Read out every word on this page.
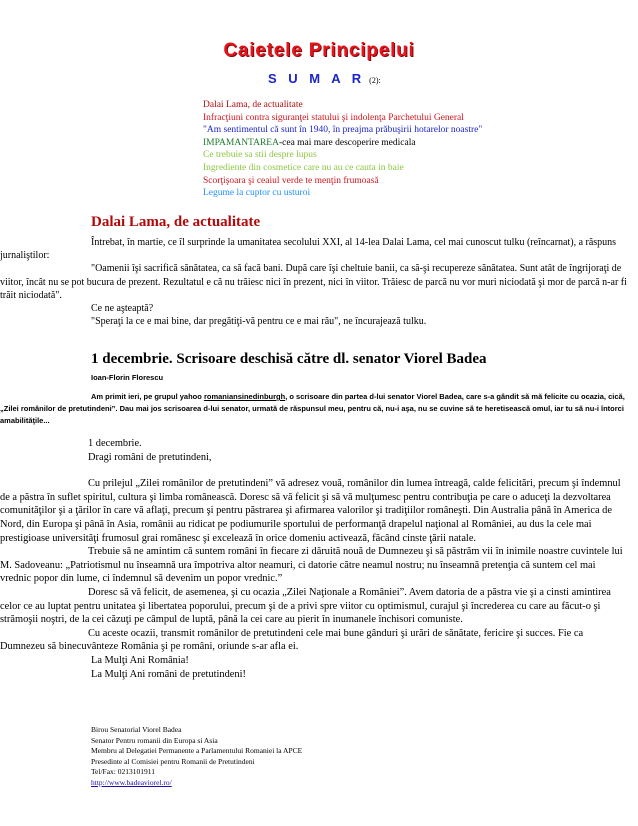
Caietele Principelui
S U M A R (2):
Dalai Lama, de actualitate
Infracţiuni contra siguranţei statului şi indolenţa Parchetului General
"Am sentimentul că sunt în 1940, în preajma prăbuşirii hotarelor noastre"
IMPAMANTAREA-cea mai mare descoperire medicala
Ce trebuie sa stii despre lupus
Ingrediente din cosmetice care nu au ce cauta in baie
Scorţişoara şi ceaiul verde te menţin frumoasă
Legume la cuptor cu usturoi
Dalai Lama, de actualitate

Întrebat, în martie, ce îl surprinde la umanitatea secolului XXI, al 14-lea Dalai Lama, cel mai cunoscut tulku (reîncarnat), a răspuns jurnaliştilor:

"Oamenii îşi sacrifică sănătatea, ca să facă bani. După care îşi cheltuie banii, ca să-şi recupereze sănătatea. Sunt atât de îngrijoraţi de viitor, încât nu se pot bucura de prezent. Rezultatul e că nu trăiesc nici în prezent, nici în viitor. Trăiesc de parcă nu vor muri niciodată şi mor de parcă n-ar fi trăit niciodată".

Ce ne aşteaptă?

"Speraţi la ce e mai bine, dar pregătiţi-vă pentru ce e mai rău", ne încurajează tulku.

1 decembrie. Scrisoare deschisă către dl. senator Viorel Badea
Ioan-Florin Florescu

Am primit ieri, pe grupul yahoo romaniansinedinburgh, o scrisoare din partea d-lui senator Viorel Badea, care s-a gândit să mă felicite cu ocazia, cică, „Zilei românilor de pretutindeni”. Dau mai jos scrisoarea d-lui senator, urmată de răspunsul meu, pentru că, nu-i aşa, nu se cuvine să te heretisească omul, iar tu să nu-i întorci amabilităţile...

1 decembrie.

Dragi români de pretutindeni,

Cu prilejul „Zilei românilor de pretutindeni” vă adresez vouă, românilor din lumea întreagă, calde felicitări, precum şi îndemnul de a păstra în suflet spiritul, cultura şi limba românească. Doresc să vă felicit şi să vă mulţumesc pentru contribuţia pe care o aduceţi la dezvoltarea comunităţilor şi a ţărilor în care vă aflaţi, precum şi pentru păstrarea şi afirmarea valorilor şi tradiţiilor româneşti. Din Australia până în America de Nord, din Europa şi până în Asia, românii au ridicat pe podiumurile sportului de performanţă drapelul naţional al României, au dus la cele mai prestigioase universităţi frumosul grai românesc şi excelează în orice domeniu activează, făcând cinste ţării natale.

Trebuie să ne amintim că suntem români în fiecare zi dăruită nouă de Dumnezeu şi să păstrăm vii în inimile noastre cuvintele lui M. Sadoveanu: „Patriotismul nu înseamnă ura împotriva altor neamuri, ci datorie către neamul nostru; nu înseamnă pretenţia că suntem cel mai vrednic popor din lume, ci îndemnul să devenim un popor vrednic.”

Doresc să vă felicit, de asemenea, şi cu ocazia „Zilei Naţionale a României”. Avem datoria de a păstra vie şi a cinsti amintirea celor ce au luptat pentru unitatea şi libertatea poporului, precum şi de a privi spre viitor cu optimismul, curajul şi încrederea cu care au făcut-o şi strămoşii noştri, de la cei căzuţi pe câmpul de luptă, până la cei care au pierit în inumanele închisori comuniste.

Cu aceste ocazii, transmit românilor de pretutindeni cele mai bune gânduri şi urări de sănătate, fericire şi succes. Fie ca Dumnezeu să binecuvânteze România şi pe români, oriunde s-ar afla ei.

La Mulţi Ani România!

La Mulţi Ani români de pretutindeni!

Birou Senatorial Viorel Badea
Senator Pentru romanii din Europa si Asia
Membru al Delegatiei Permanente a Parlamentului Romaniei la APCE
Presedinte al Comisiei pentru Romanii de Pretutindeni
Tel/Fax: 0213101911
http://www.badeaviorel.ro/
